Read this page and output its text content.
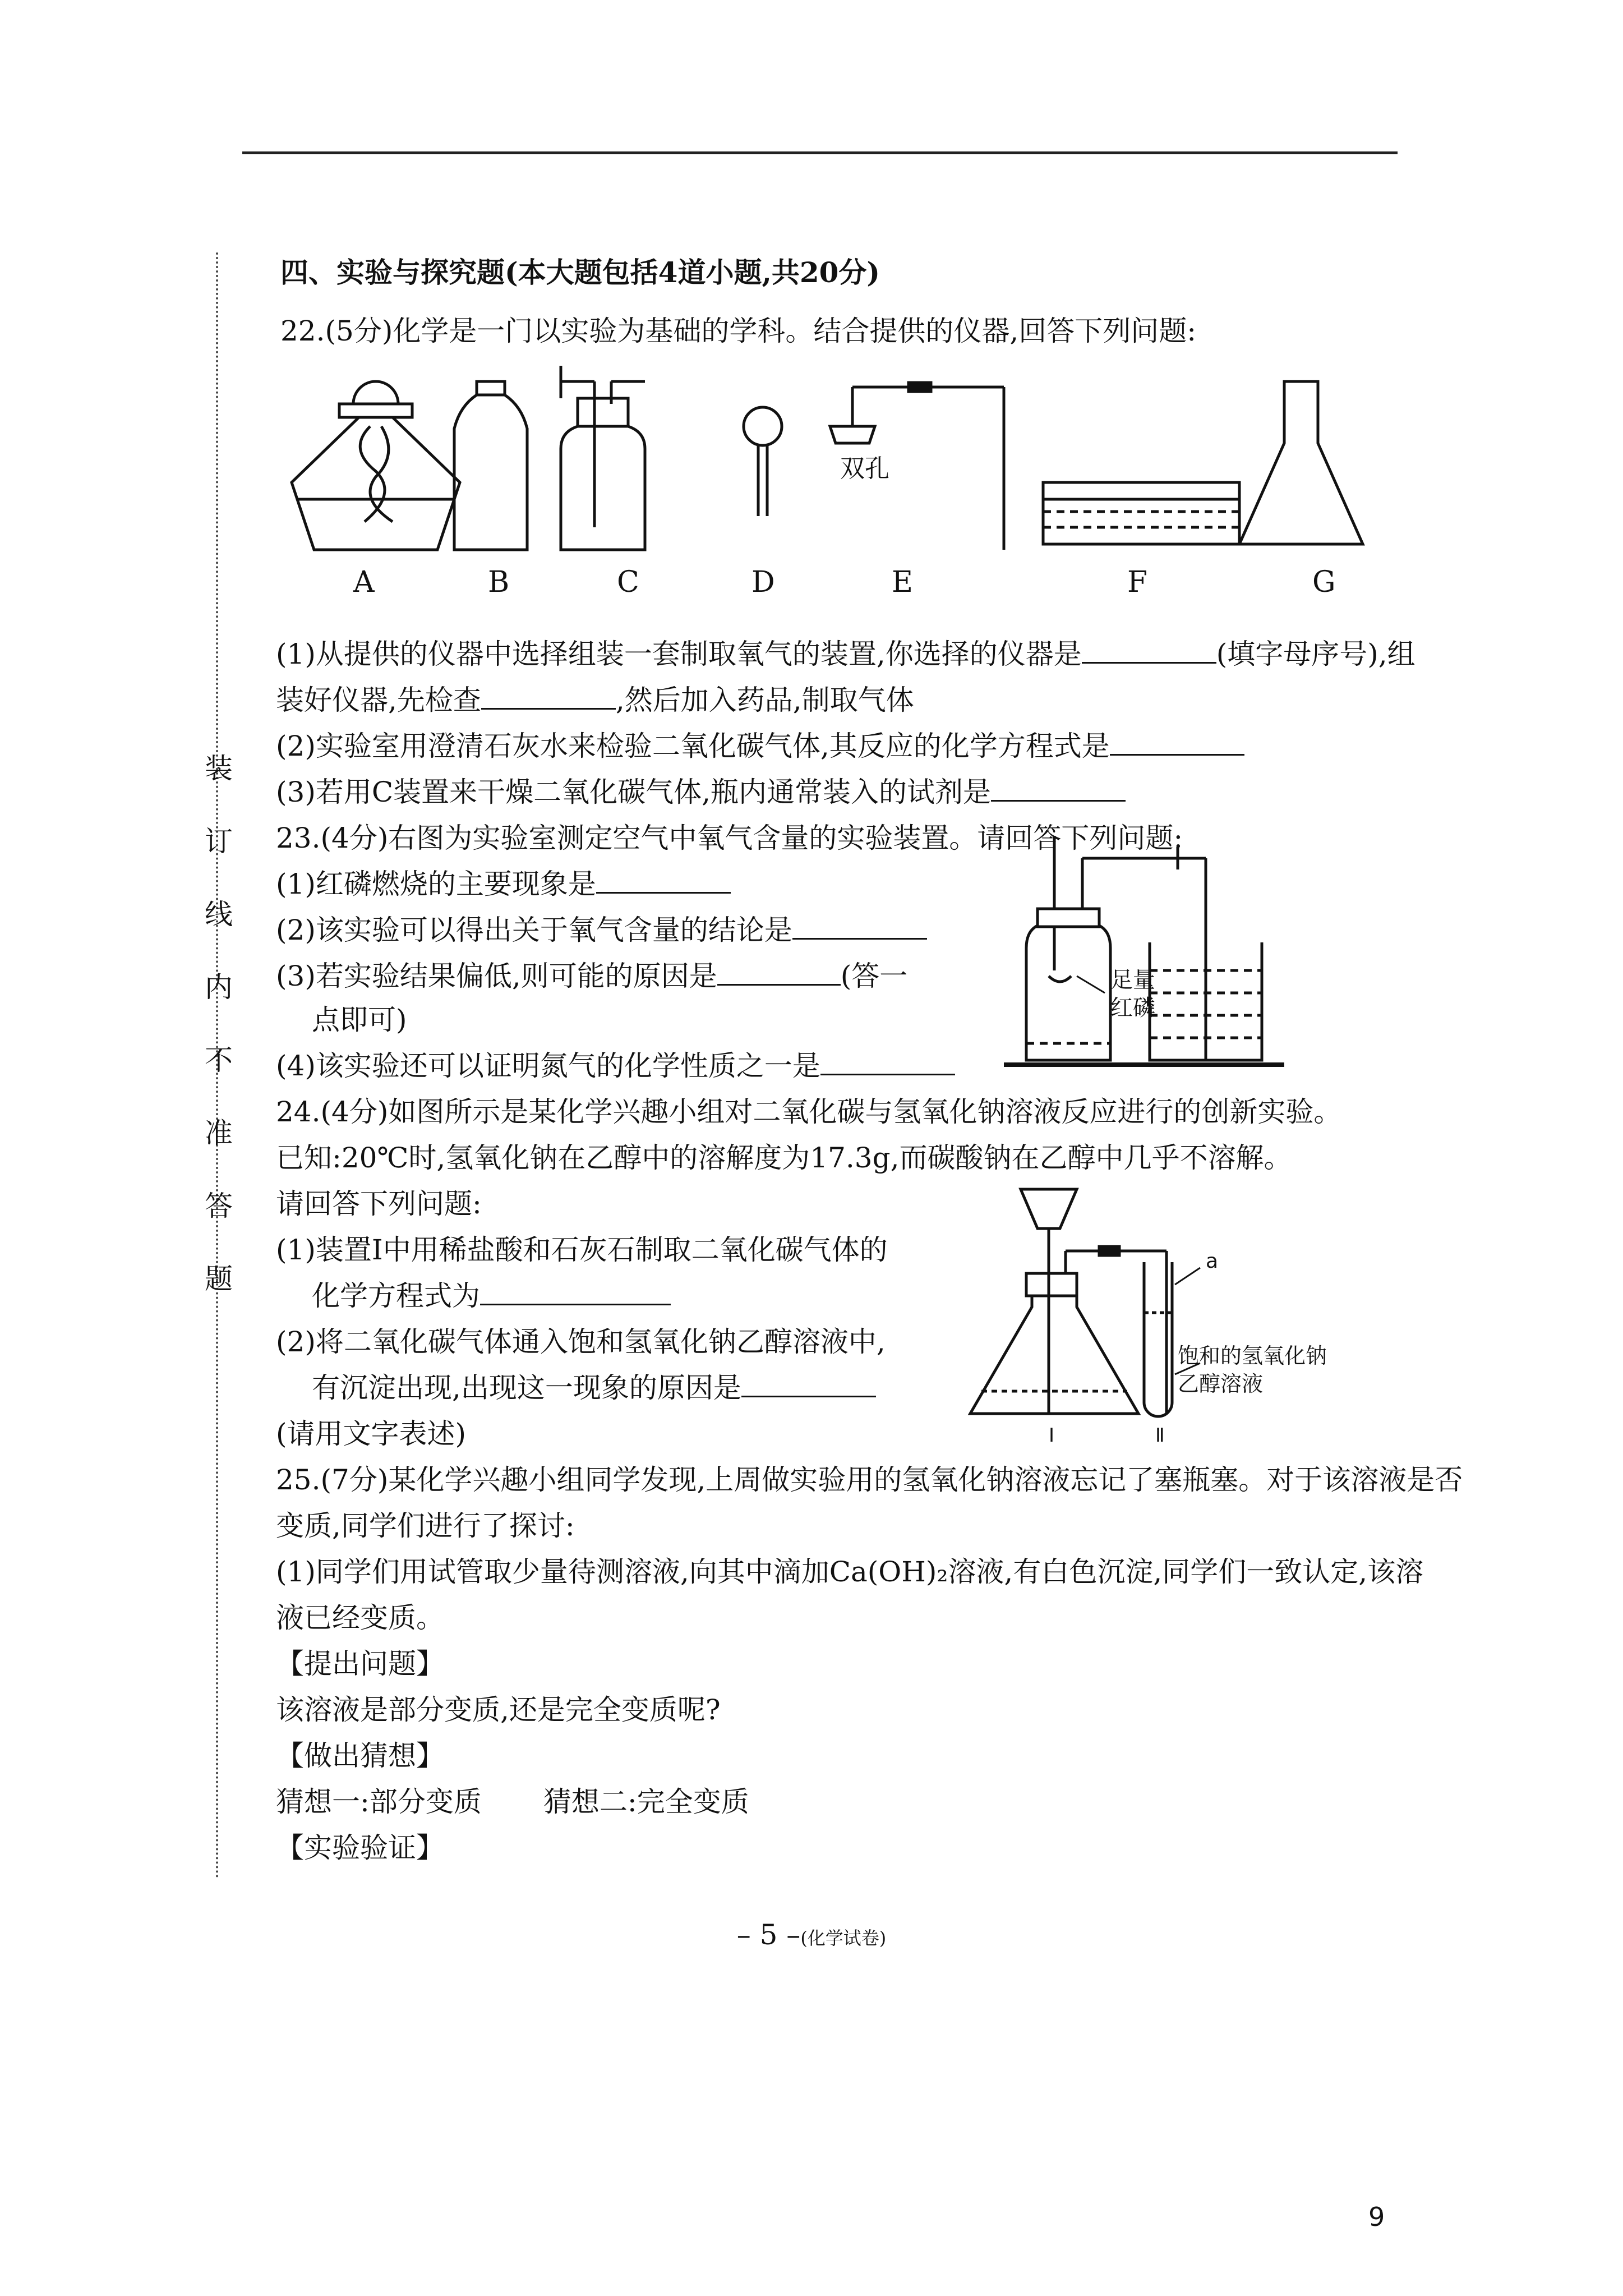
装
订
线
内
不
准
答
题
四、实验与探究题(本大题包括4道小题,共20分)
22.(5分)化学是一门以实验为基础的学科。结合提供的仪器,回答下列问题:
双孔
A	B	C	D	E	F	G
(1)从提供的仪器中选择组装一套制取氧气的装置,你选择的仪器是	(填字母序号),组
装好仪器,先检查	,然后加入药品,制取气体
(2)实验室用澄清石灰水来检验二氧化碳气体,其反应的化学方程式是
(3)若用C装置来干燥二氧化碳气体,瓶内通常装入的试剂是
23.(4分)右图为实验室测定空气中氧气含量的实验装置。请回答下列问题:
(1)红磷燃烧的主要现象是
(2)该实验可以得出关于氧气含量的结论是
(3)若实验结果偏低,则可能的原因是	(答一
点即可)
(4)该实验还可以证明氮气的化学性质之一是
足量
红磷
24.(4分)如图所示是某化学兴趣小组对二氧化碳与氢氧化钠溶液反应进行的创新实验。
已知:20℃时,氢氧化钠在乙醇中的溶解度为17.3g,而碳酸钠在乙醇中几乎不溶解。
请回答下列问题:
(1)装置Ⅰ中用稀盐酸和石灰石制取二氧化碳气体的
化学方程式为
(2)将二氧化碳气体通入饱和氢氧化钠乙醇溶液中,
有沉淀出现,出现这一现象的原因是
(请用文字表述)
a
饱和的氢氧化钠
乙醇溶液
Ⅰ	Ⅱ
25.(7分)某化学兴趣小组同学发现,上周做实验用的氢氧化钠溶液忘记了塞瓶塞。对于该溶液是否
变质,同学们进行了探讨:
(1)同学们用试管取少量待测溶液,向其中滴加Ca(OH)₂溶液,有白色沉淀,同学们一致认定,该溶
液已经变质。
【提出问题】
该溶液是部分变质,还是完全变质呢?
【做出猜想】
猜想一:部分变质 猜想二:完全变质
【实验验证】
– 5 –(化学试卷)
9
